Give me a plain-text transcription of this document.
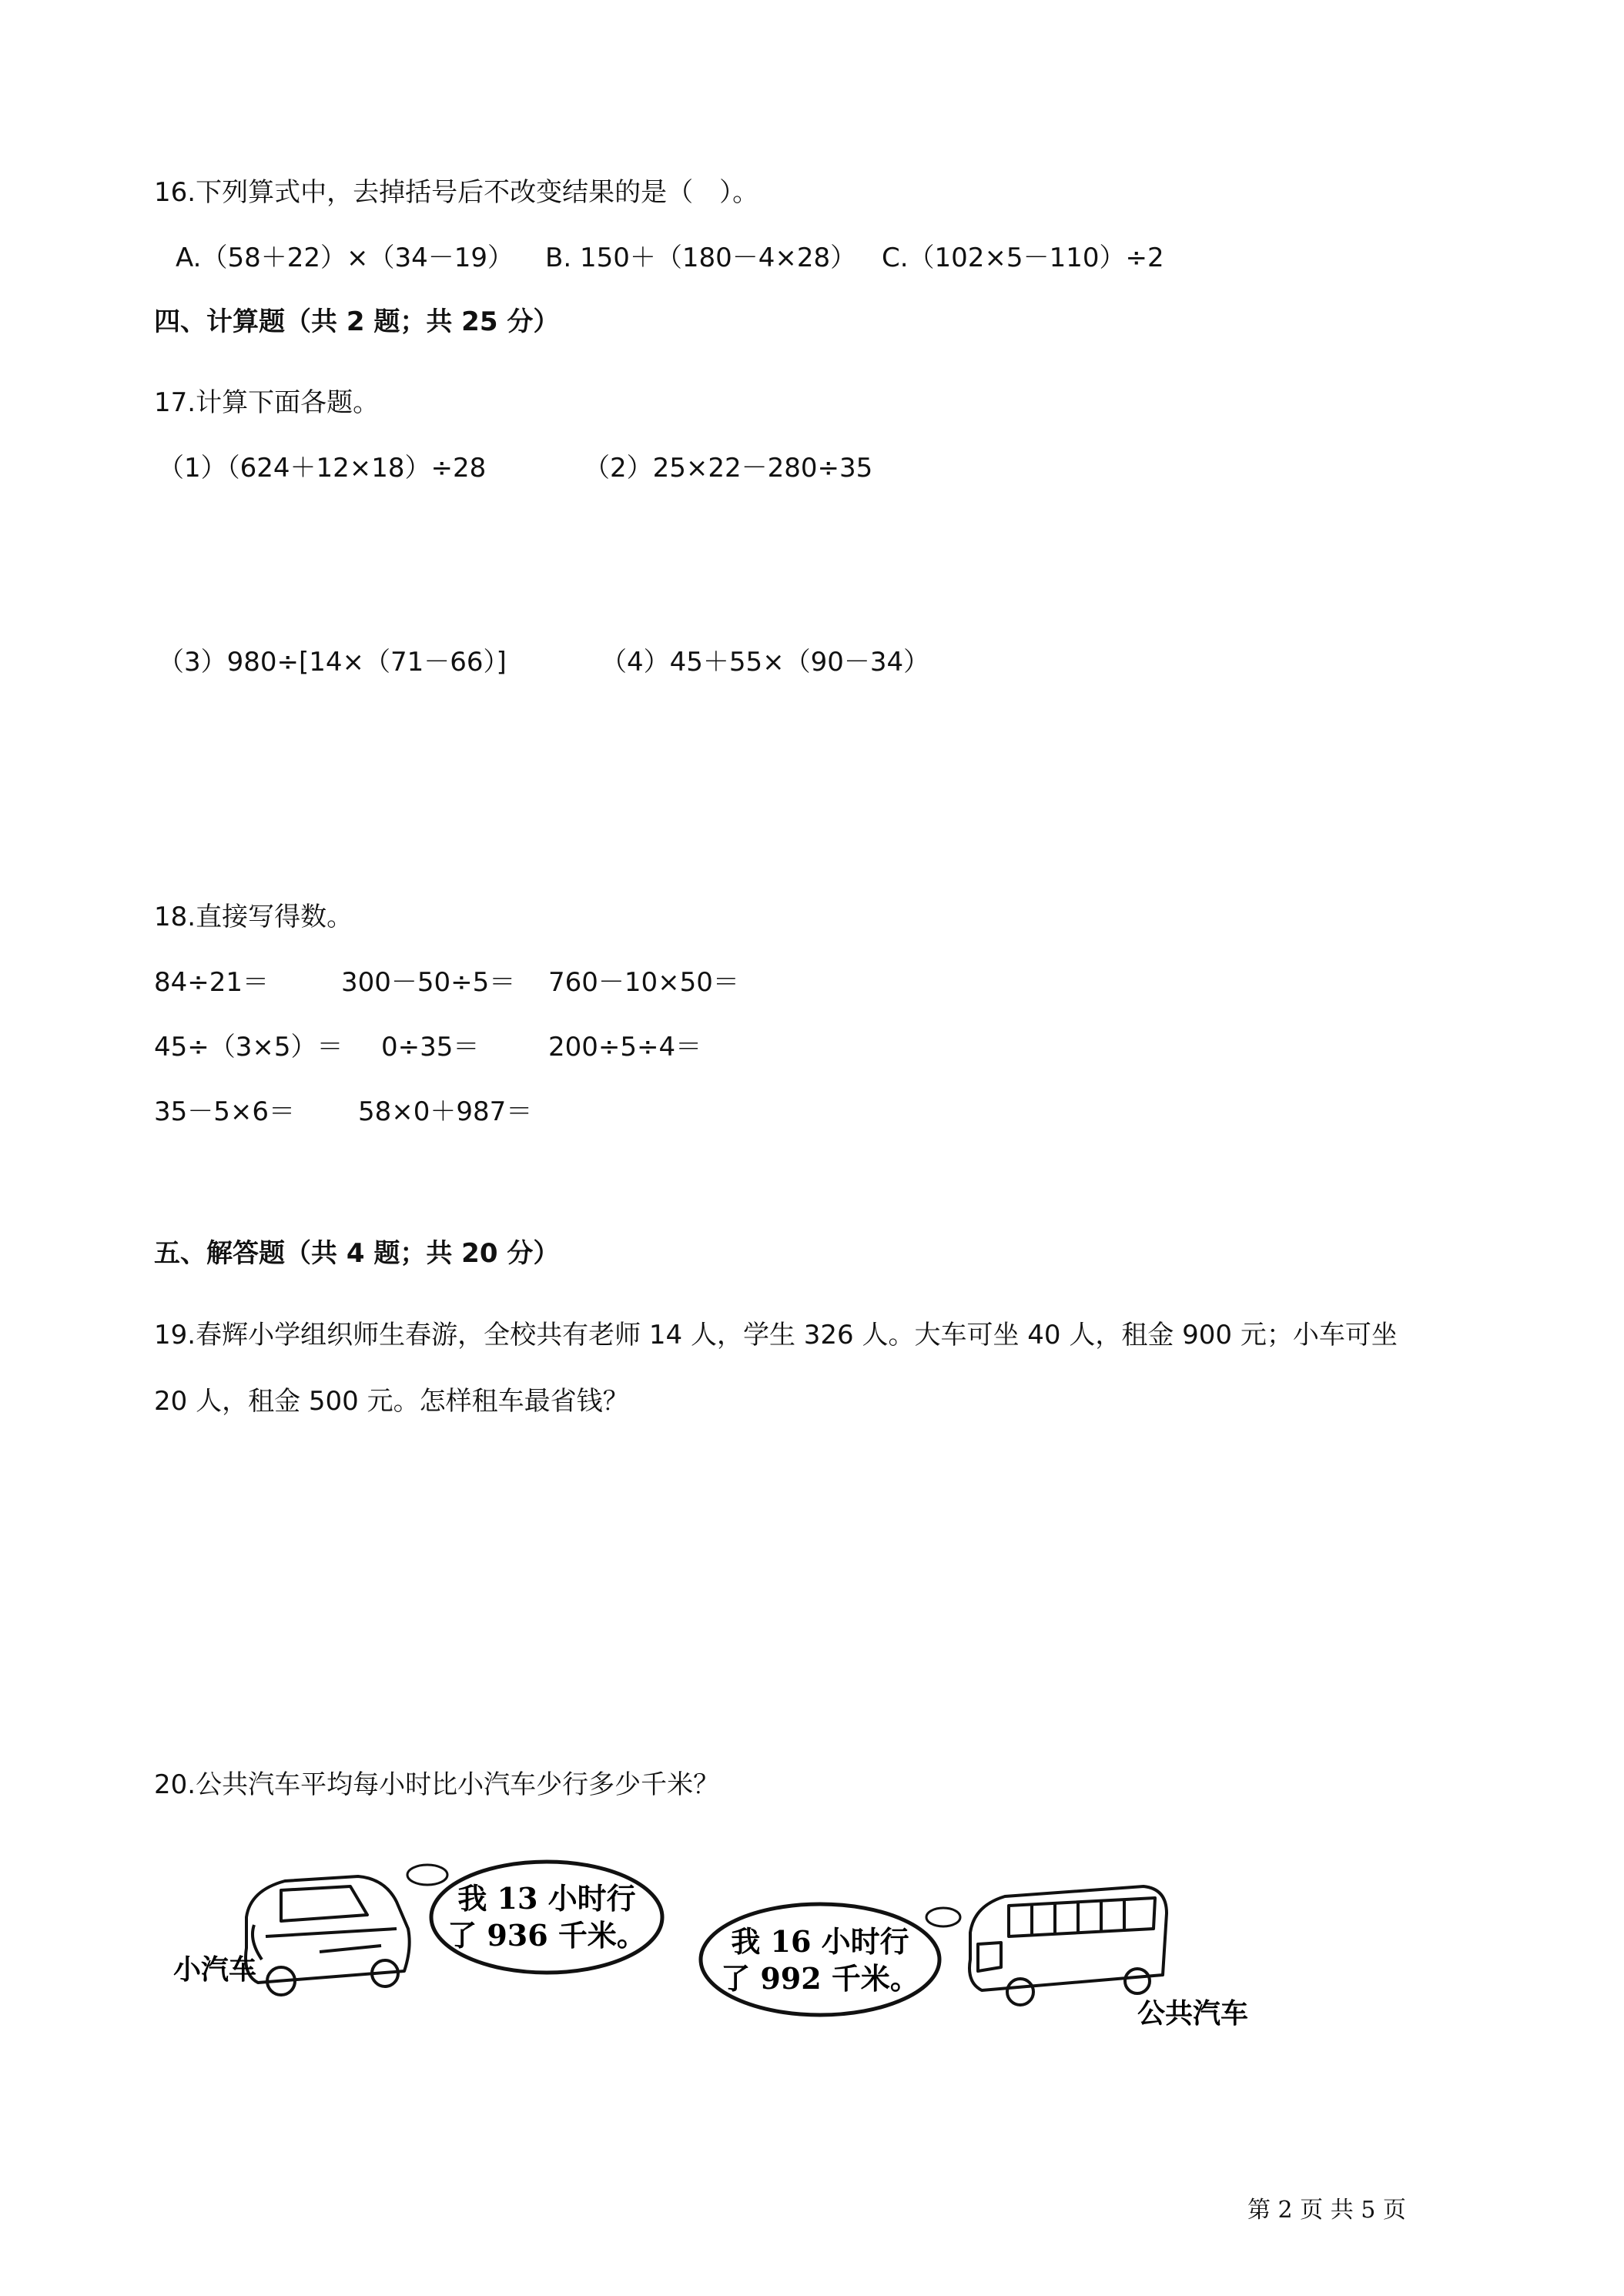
16.下列算式中，去掉括号后不改变结果的是（　）。
A.（58＋22）×（34－19） B. 150＋（180－4×28） C.（102×5－110）÷2
四、计算题（共 2 题；共 25 分）
17.计算下面各题。
（1）（624＋12×18）÷28	（2）25×22－280÷35
（3）980÷[14×（71－66）]	（4）45＋55×（90－34）
18.直接写得数。
84÷21＝	300－50÷5＝ 760－10×50＝
45÷（3×5）＝ 0÷35＝	200÷5÷4＝
35－5×6＝ 58×0＋987＝
五、解答题（共 4 题；共 20 分）
19.春辉小学组织师生春游，全校共有老师 14 人，学生 326 人。大车可坐 40 人，租金 900 元；小车可坐
20 人，租金 500 元。怎样租车最省钱？
20.公共汽车平均每小时比小汽车少行多少千米？
我 13 小时行
了 936 千米。	我 16 小时行
了 992 千米。
小汽车
公共汽车
第 2 页 共 5 页
